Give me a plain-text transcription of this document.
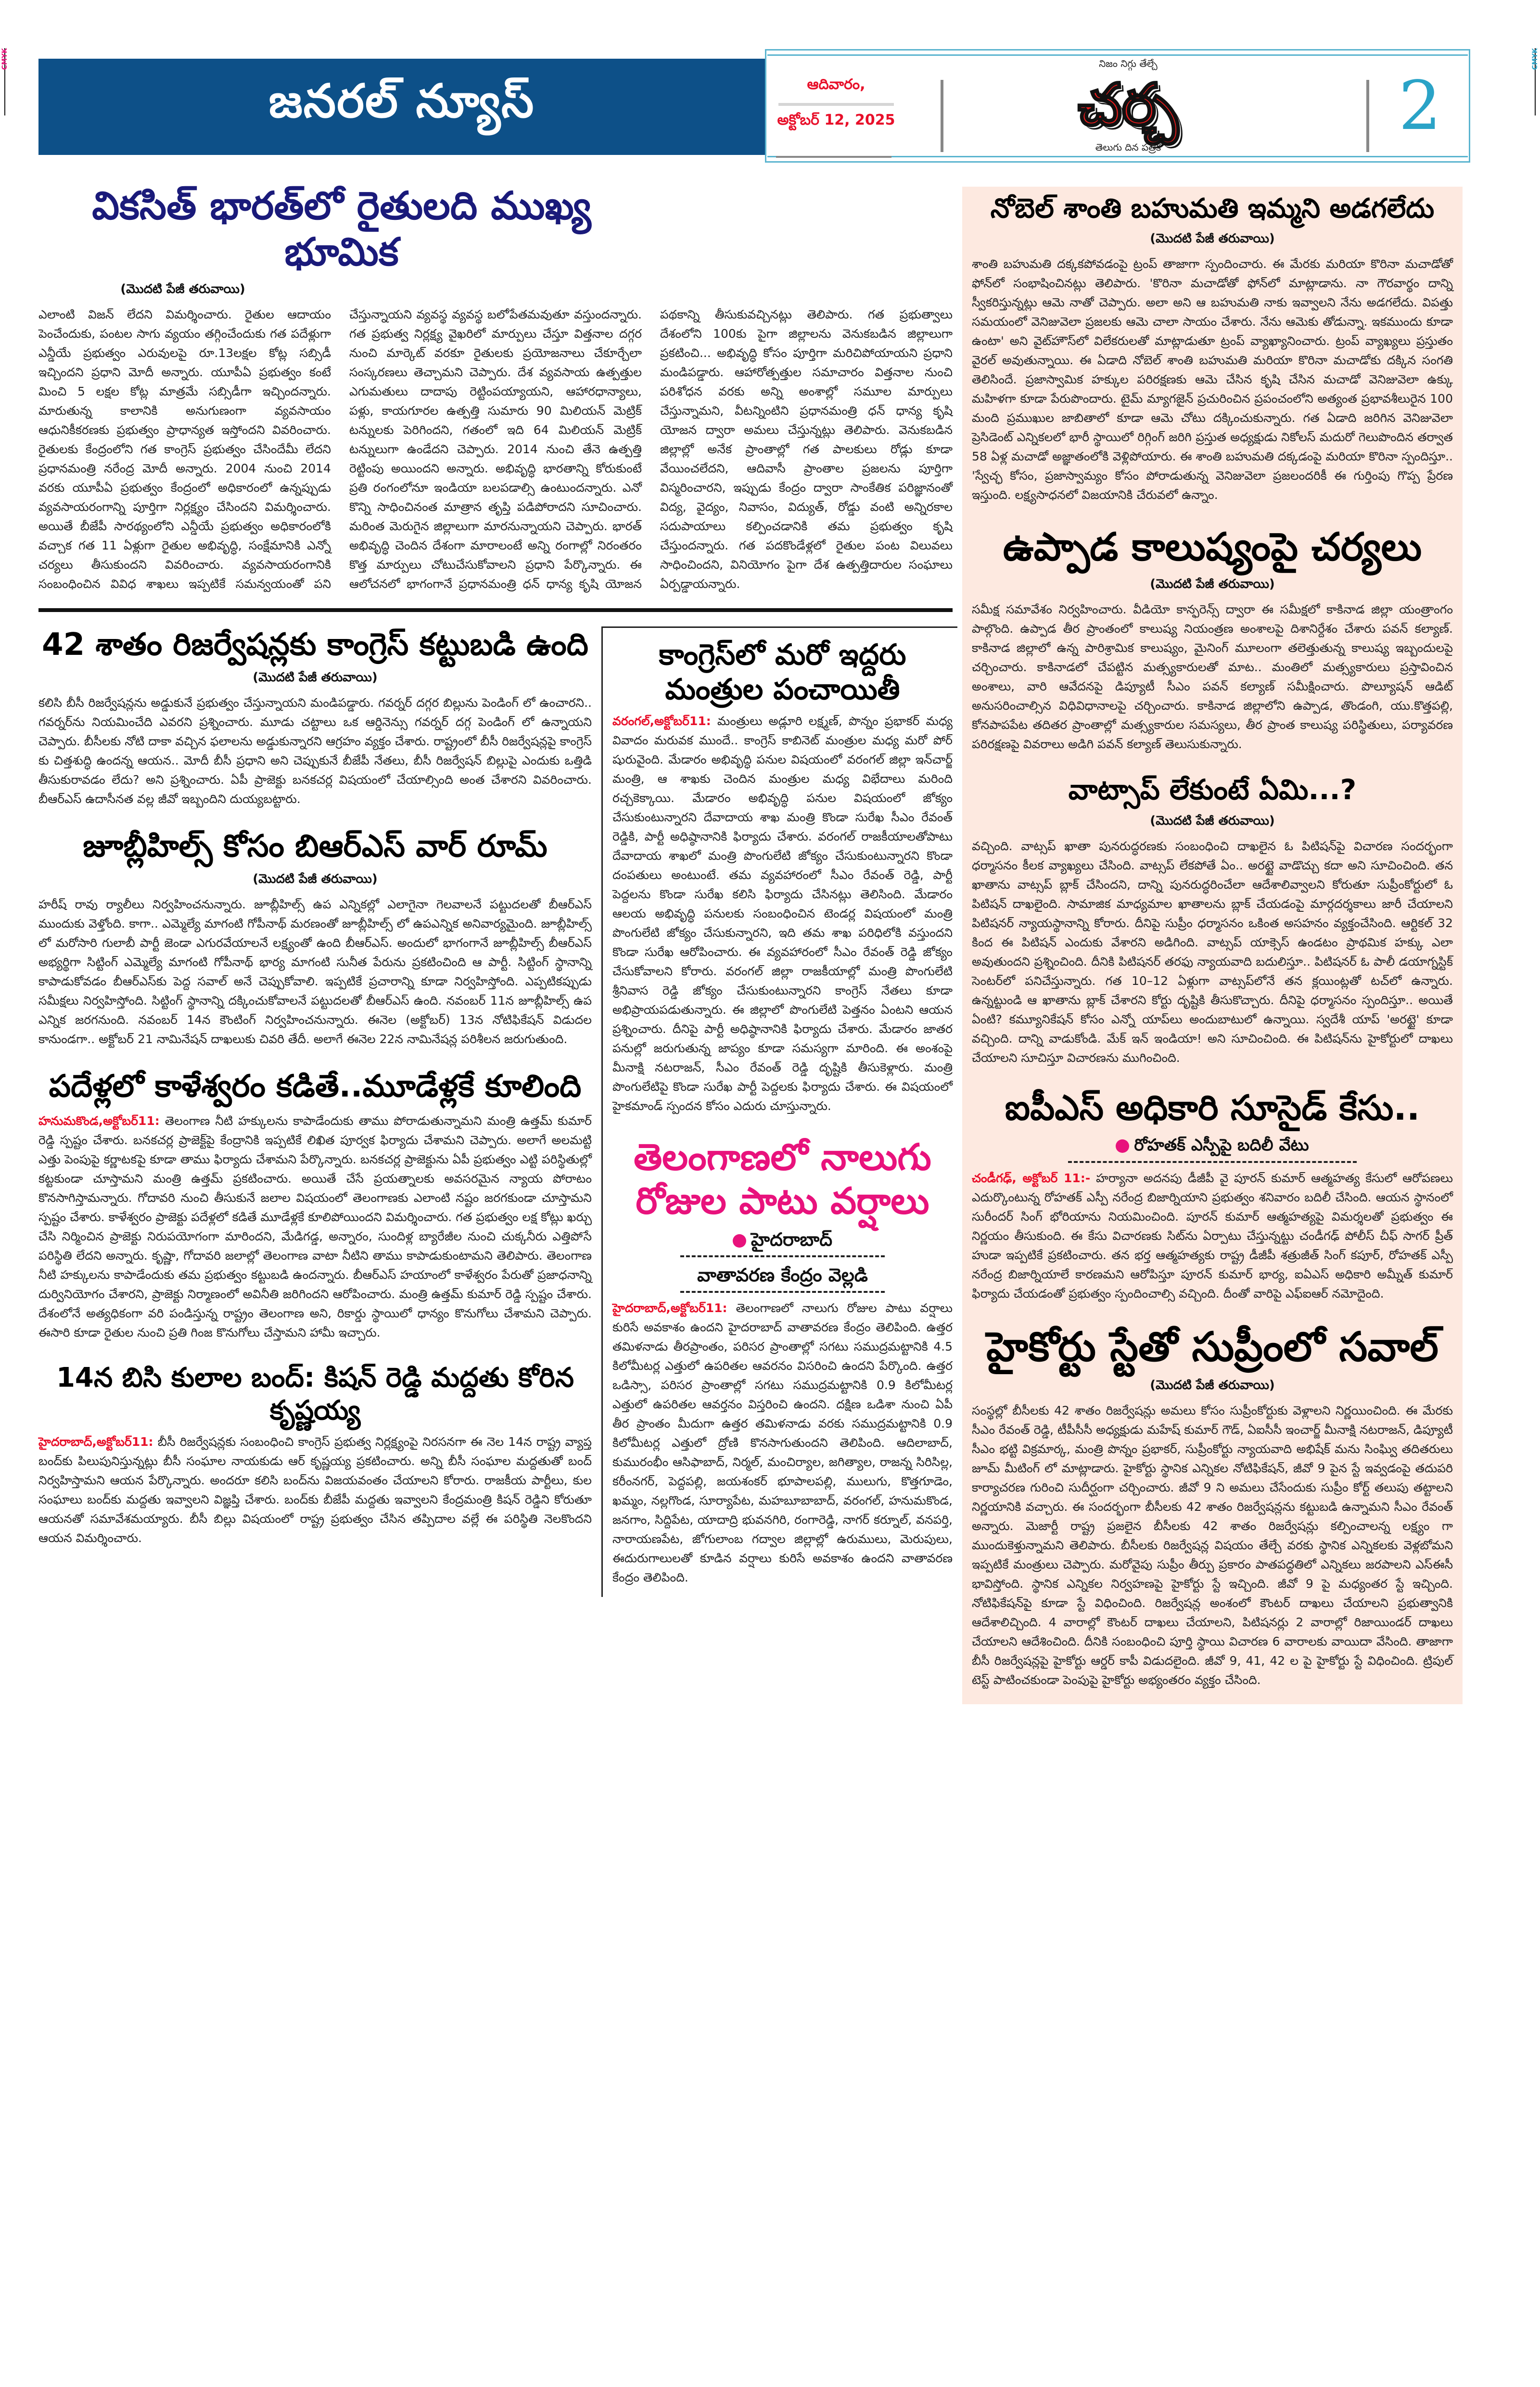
CMYK	CMYK
జనరల్ న్యూస్	ఆదివారం,
అక్టోబర్ 12, 2025
నిజం నిగ్గు తేల్చే
చర్చ
తెలుగు దిన పత్రిక
2
వికసిత్ భారత్‌లో రైతులది ముఖ్య భూమిక
(మొదటి పేజీ తరువాయి)
ఎలాంటి విజన్ లేదని విమర్శించారు. రైతుల ఆదాయం పెంచేందుకు, పంటల సాగు వ్యయం తగ్గించేందుకు గత పదేళ్లుగా ఎన్డీయే ప్రభుత్వం ఎరువులపై రూ.13లక్షల కోట్ల సబ్సిడీ ఇచ్చిందని ప్రధాని మోదీ అన్నారు. యూపీఏ ప్రభుత్వం కంటే మించి 5 లక్షల కోట్ల మాత్రమే సబ్సిడీగా ఇచ్చిందన్నారు. మారుతున్న కాలానికి అనుగుణంగా వ్యవసాయం ఆధునికీకరణకు ప్రభుత్వం ప్రాధాన్యత ఇస్తోందని వివరించారు. రైతులకు కేంద్రంలోని గత కాంగ్రెస్ ప్రభుత్వం చేసిందేమీ లేదని ప్రధానమంత్రి నరేంద్ర మోదీ అన్నారు. 2004 నుంచి 2014 వరకు యూపీఏ ప్రభుత్వం కేంద్రంలో అధికారంలో ఉన్నప్పుడు వ్యవసాయరంగాన్ని పూర్తిగా నిర్లక్ష్యం చేసిందని విమర్శించారు. అయితే బీజేపీ సారథ్యంలోని ఎన్డీయే ప్రభుత్వం అధికారంలోకి వచ్చాక గత 11 ఏళ్లుగా రైతుల అభివృద్ధి, సంక్షేమానికి ఎన్నో చర్యలు తీసుకుందని వివరించారు. వ్యవసాయరంగానికి సంబంధించిన వివిధ శాఖలు ఇప్పటికే సమన్వయంతో పని చేస్తున్నాయని వ్యవస్థ వ్యవస్థ బలోపేతమవుతూ వస్తుందన్నారు. గత ప్రభుత్వ నిర్లక్ష్య వైఖరిలో మార్పులు చేస్తూ విత్తనాల దగ్గర నుంచి మార్కెట్ వరకూ రైతులకు ప్రయోజనాలు చేకూర్చేలా సంస్కరణలు తెచ్చామని చెప్పారు. దేశ వ్యవసాయ ఉత్పత్తుల ఎగుమతులు దాదాపు రెట్టింపయ్యాయని, ఆహారధాన్యాలు, పళ్లు, కాయగూరల ఉత్పత్తి సుమారు 90 మిలియన్ మెట్రిక్ టన్నులకు పెరిగిందని, గతంలో ఇది 64 మిలియన్ మెట్రిక్ టన్నులుగా ఉండేదని చెప్పారు. 2014 నుంచి తేనె ఉత్పత్తి రెట్టింపు అయిందని అన్నారు. అభివృద్ధి భారతాన్ని కోరుకుంటే ప్రతి రంగంలోనూ ఇండియా బలపడాల్సి ఉంటుందన్నారు. ఎనో కొన్ని సాధించినంత మాత్రాన తృప్తి పడిపోరాదని సూచించారు. మరింత మెరుగైన జిల్లాలుగా మారనున్నాయని చెప్పారు. భారత్ అభివృద్ధి చెందిన దేశంగా మారాలంటే అన్ని రంగాల్లో నిరంతరం కొత్త మార్పులు చోటుచేసుకోవాలని ప్రధాని పేర్కొన్నారు. ఈ ఆలోచనలో భాగంగానే ప్రధానమంత్రి ధన్ ధాన్య కృషి యోజన పథకాన్ని తీసుకువచ్చినట్లు తెలిపారు. గత ప్రభుత్వాలు దేశంలోని 100కు పైగా జిల్లాలను వెనుకబడిన జిల్లాలుగా ప్రకటించి... అభివృద్ధి కోసం పూర్తిగా మరిచిపోయాయని ప్రధాని మండిపడ్డారు. ఆహారోత్పత్తుల సమాచారం విత్తనాల నుంచి పరిశోధన వరకు అన్ని అంశాల్లో సమూల మార్పులు చేస్తున్నామని, వీటన్నింటిని ప్రధానమంత్రి ధన్ ధాన్య కృషి యోజన ద్వారా అమలు చేస్తున్నట్లు తెలిపారు. వెనుకబడిన జిల్లాల్లో అనేక ప్రాంతాల్లో గత పాలకులు రోడ్లు కూడా వేయించలేదని, ఆదివాసీ ప్రాంతాల ప్రజలను పూర్తిగా విస్మరించారని, ఇప్పుడు కేంద్రం ద్వారా సాంకేతిక పరిజ్ఞానంతో విద్య, వైద్యం, నివాసం, విద్యుత్, రోడ్డు వంటి అన్నిరకాల సదుపాయాలు కల్పించడానికి తమ ప్రభుత్వం కృషి చేస్తుందన్నారు. గత పదకొండేళ్లలో రైతుల పంట విలువలు సాధించిందని, వినియోగం పైగా దేశ ఉత్పత్తిదారుల సంఘాలు ఏర్పడ్డాయన్నారు.
42 శాతం రిజర్వేషన్లకు కాంగ్రెస్ కట్టుబడి ఉంది
(మొదటి పేజీ తరువాయి)
కలిసి బీసీ రిజర్వేషన్లను అడ్డుకునే ప్రభుత్వం చేస్తున్నాయని మండిపడ్డారు. గవర్నర్ దగ్గర బిల్లును పెండింగ్ లో ఉంచారని.. గవర్నర్‌ను నియమించేది ఎవరని ప్రశ్నించారు. మూడు చట్టాలు ఒక ఆర్డినెన్సు గవర్నర్ దగ్గ పెండింగ్ లో ఉన్నాయని చెప్పారు. బీసీలకు నోటి దాకా వచ్చిన ఫలాలను అడ్డుకున్నారని ఆగ్రహం వ్యక్తం చేశారు. రాష్ట్రంలో బీసీ రిజర్వేషన్లపై కాంగ్రెస్ కు చిత్తశుద్ధి ఉందన్న ఆయన.. మోదీ బీసీ ప్రధాని అని చెప్పుకునే బీజేపీ నేతలు, బీసీ రిజర్వేషన్ బిల్లుపై ఎందుకు ఒత్తిడి తీసుకురావడం లేదు? అని ప్రశ్నించారు. ఏపీ ప్రాజెక్టు బనకచర్ల విషయంలో చేయాల్సింది అంత చేశారని వివరించారు. బీఆర్ఎస్ ఉదాసీనత వల్ల జీవో ఇబ్బందిని దుయ్యబట్టారు.
జూబ్లీహిల్స్ కోసం బిఆర్ఎస్ వార్ రూమ్
(మొదటి పేజీ తరువాయి)
హరీష్ రావు ర్యాలీలు నిర్వహించనున్నారు. జూబ్లీహిల్స్ ఉప ఎన్నికల్లో ఎలాగైనా గెలవాలనే పట్టుదలతో బీఆర్ఎస్ ముందుకు వెళ్తోంది. కాగా.. ఎమ్మెల్యే మాగంటి గోపీనాథ్ మరణంతో జూబ్లీహిల్స్ లో ఉపఎన్నిక అనివార్యమైంది. జూబ్లీహిల్స్ లో మరోసారి గులాబీ పార్టీ జెండా ఎగురవేయాలనే లక్ష్యంతో ఉంది బీఆర్ఎస్. అందులో భాగంగానే జూబ్లీహిల్స్ బీఆర్ఎస్ అభ్యర్థిగా సిట్టింగ్ ఎమ్మెల్యే మాగంటి గోపీనాథ్ భార్య మాగంటి సునీత పేరును ప్రకటించింది ఆ పార్టీ. సిట్టింగ్ స్థానాన్ని కాపాడుకోవడం బీఆర్ఎస్‌కు పెద్ద సవాల్ అనే చెప్పుకోవాలి. ఇప్పటికే ప్రచారాన్ని కూడా నిర్వహిస్తోంది. ఎప్పటికప్పుడు సమీక్షలు నిర్వహిస్తోంది. సిట్టింగ్ స్థానాన్ని దక్కించుకోవాలనే పట్టుదలతో బీఆర్ఎస్ ఉంది. నవంబర్ 11న జూబ్లీహిల్స్ ఉప ఎన్నిక జరగనుంది. నవంబర్ 14న కౌంటింగ్ నిర్వహించనున్నారు. ఈనెల (అక్టోబర్) 13న నోటిఫికేషన్ విడుదల కానుండగా.. అక్టోబర్ 21 నామినేషన్ దాఖలుకు చివరి తేదీ. అలాగే ఈనెల 22న నామినేషన్ల పరిశీలన జరుగుతుంది.
పదేళ్లలో కాళేశ్వరం కడితే..మూడేళ్లకే కూలింది
హనుమకొండ,అక్టోబర్11: తెలంగాణ నీటి హక్కులను కాపాడేందుకు తాము పోరాడుతున్నామని మంత్రి ఉత్తమ్ కుమార్ రెడ్డి స్పష్టం చేశారు. బనకచర్ల ప్రాజెక్ట్‌పై కేంద్రానికి ఇప్పటికే లిఖిత పూర్వక ఫిర్యాదు చేశామని చెప్పారు. అలాగే అలమట్టి ఎత్తు పెంపుపై కర్ణాటకపై కూడా తాము ఫిర్యాదు చేశామని పేర్కొన్నారు. బనకచర్ల ప్రాజెక్టును ఏపీ ప్రభుత్వం ఎట్టి పరిస్థితుల్లో కట్టకుండా చూస్తామని మంత్రి ఉత్తమ్ ప్రకటించారు. అయితే చేసే ప్రయత్నాలకు అవసరమైన న్యాయ పోరాటం కొనసాగిస్తామన్నారు. గోదావరి నుంచి తీసుకునే జలాల విషయంలో తెలంగాణకు ఎలాంటి నష్టం జరగకుండా చూస్తామని స్పష్టం చేశారు. కాళేశ్వరం ప్రాజెక్టు పదేళ్లలో కడితే మూడేళ్లకే కూలిపోయిందని విమర్శించారు. గత ప్రభుత్వం లక్ష కోట్లు ఖర్చు చేసి నిర్మించిన ప్రాజెక్టు నిరుపయోగంగా మారిందని, మేడిగడ్డ, అన్నారం, సుందిళ్ల బ్యారేజీల నుంచి చుక్కనీరు ఎత్తిపోసే పరిస్థితి లేదని అన్నారు. కృష్ణా, గోదావరి జలాల్లో తెలంగాణ వాటా నీటిని తాము కాపాడుకుంటామని తెలిపారు. తెలంగాణ నీటి హక్కులను కాపాడేందుకు తమ ప్రభుత్వం కట్టుబడి ఉందన్నారు. బీఆర్ఎస్ హయాంలో కాళేశ్వరం పేరుతో ప్రజాధనాన్ని దుర్వినియోగం చేశారని, ప్రాజెక్టు నిర్మాణంలో అవినీతి జరిగిందని ఆరోపించారు. మంత్రి ఉత్తమ్ కుమార్ రెడ్డి స్పష్టం చేశారు. దేశంలోనే అత్యధికంగా వరి పండిస్తున్న రాష్ట్రం తెలంగాణ అని, రికార్డు స్థాయిలో ధాన్యం కొనుగోలు చేశామని చెప్పారు. ఈసారి కూడా రైతుల నుంచి ప్రతి గింజ కొనుగోలు చేస్తామని హామీ ఇచ్చారు.
14న బిసి కులాల బంద్: కిషన్ రెడ్డి మద్దతు కోరిన కృష్ణయ్య
హైదరాబాద్,అక్టోబర్11: బీసీ రిజర్వేషన్లకు సంబంధించి కాంగ్రెస్ ప్రభుత్వ నిర్లక్ష్యంపై నిరసనగా ఈ నెల 14న రాష్ట్ర వ్యాప్త బంద్‌కు పిలుపునిస్తున్నట్లు బీసీ సంఘాల నాయకుడు ఆర్ కృష్ణయ్య ప్రకటించారు. అన్ని బీసీ సంఘాల మద్దతుతో బంద్ నిర్వహిస్తామని ఆయన పేర్కొన్నారు. అందరూ కలిసి బంద్‌ను విజయవంతం చేయాలని కోరారు. రాజకీయ పార్టీలు, కుల సంఘాలు బంద్‌కు మద్దతు ఇవ్వాలని విజ్ఞప్తి చేశారు. బంద్‌కు బీజేపీ మద్దతు ఇవ్వాలని కేంద్రమంత్రి కిషన్ రెడ్డిని కోరుతూ ఆయనతో సమావేశమయ్యారు. బీసీ బిల్లు విషయంలో రాష్ట్ర ప్రభుత్వం చేసిన తప్పిదాల వల్లే ఈ పరిస్థితి నెలకొందని ఆయన విమర్శించారు.
కాంగ్రెస్‌లో మరో ఇద్దరు మంత్రుల పంచాయితీ
వరంగల్,అక్టోబర్11: మంత్రులు అడ్లూరి లక్ష్మణ్, పొన్నం ప్రభాకర్ మధ్య వివాదం మరువక ముందే.. కాంగ్రెస్ కాబినెట్ మంత్రుల మధ్య మరో పోర్ షురువైంది. మేడారం అభివృద్ధి పనుల విషయంలో వరంగల్ జిల్లా ఇన్‌చార్జ్ మంత్రి, ఆ శాఖకు చెందిన మంత్రుల మధ్య విభేదాలు మరింది రచ్చకెక్కాయి. మేడారం అభివృద్ధి పనుల విషయంలో జోక్యం చేసుకుంటున్నారని దేవాదాయ శాఖ మంత్రి కొండా సురేఖ సీఎం రేవంత్ రెడ్డికి, పార్టీ అధిష్ఠానానికి ఫిర్యాదు చేశారు. వరంగల్ రాజకీయాలతోపాటు దేవాదాయ శాఖలో మంత్రి పొంగులేటి జోక్యం చేసుకుంటున్నారని కొండా దంపతులు అంటుంటే. తమ వ్యవహారంలో సీఎం రేవంత్ రెడ్డి, పార్టీ పెద్దలను కొండా సురేఖ కలిసి ఫిర్యాదు చేసినట్లు తెలిసింది. మేడారం ఆలయ అభివృద్ధి పనులకు సంబంధించిన టెండర్ల విషయంలో మంత్రి పొంగులేటి జోక్యం చేసుకున్నారని, ఇది తమ శాఖ పరిధిలోకి వస్తుందని కొండా సురేఖ ఆరోపించారు. ఈ వ్యవహారంలో సీఎం రేవంత్ రెడ్డి జోక్యం చేసుకోవాలని కోరారు. వరంగల్ జిల్లా రాజకీయాల్లో మంత్రి పొంగులేటి శ్రీనివాస రెడ్డి జోక్యం చేసుకుంటున్నారని కాంగ్రెస్ నేతలు కూడా అభిప్రాయపడుతున్నారు. ఈ జిల్లాలో పొంగులేటి పెత్తనం ఏంటని ఆయన ప్రశ్నించారు. దీనిపై పార్టీ అధిష్ఠానానికి ఫిర్యాదు చేశారు. మేడారం జాతర పనుల్లో జరుగుతున్న జాప్యం కూడా సమస్యగా మారింది. ఈ అంశంపై మీనాక్షి నటరాజన్, సీఎం రేవంత్ రెడ్డి దృష్టికి తీసుకెళ్లారు. మంత్రి పొంగులేటిపై కొండా సురేఖ పార్టీ పెద్దలకు ఫిర్యాదు చేశారు. ఈ విషయంలో హైకమాండ్ స్పందన కోసం ఎదురు చూస్తున్నారు.
తెలంగాణలో నాలుగు
రోజుల పాటు వర్షాలు
హైదరాబాద్
వాతావరణ కేంద్రం వెల్లడి
హైదరాబాద్,అక్టోబర్11: తెలంగాణలో నాలుగు రోజుల పాటు వర్షాలు కురిసే అవకాశం ఉందని హైదరాబాద్ వాతావరణ కేంద్రం తెలిపింది. ఉత్తర తమిళనాడు తీరప్రాంతం, పరిసర ప్రాంతాల్లో సగటు సముద్రమట్టానికి 4.5 కిలోమీటర్ల ఎత్తులో ఉపరితల ఆవరనం విసరించి ఉందని పేర్కొంది. ఉత్తర ఒడిస్సా, పరిసర ప్రాంతాల్లో సగటు సముద్రమట్టానికి 0.9 కిలోమీటర్ల ఎత్తులో ఉపరితల ఆవర్తనం విస్తరించి ఉందని. దక్షిణ ఒడిశా నుంచి ఏపీ తీర ప్రాంతం మీదుగా ఉత్తర తమిళనాడు వరకు సముద్రమట్టానికి 0.9 కిలోమీటర్ల ఎత్తులో ద్రోణి కొనసాగుతుందని తెలిపింది. ఆదిలాబాద్, కుమురంభీం ఆసిఫాబాద్, నిర్మల్, మంచిర్యాల, జగిత్యాల, రాజన్న సిరిసిల్ల, కరీంనగర్, పెద్దపల్లి, జయశంకర్ భూపాలపల్లి, ములుగు, కొత్తగూడెం, ఖమ్మం, నల్లగొండ, సూర్యాపేట, మహబూబాబాద్, వరంగల్, హనుమకొండ, జనగాం, సిద్దిపేట, యాదాద్రి భువనగిరి, రంగారెడ్డి, నాగర్ కర్నూల్, వనపర్తి, నారాయణపేట, జోగులాంబ గద్వాల జిల్లాల్లో ఉరుములు, మెరుపులు, ఈదురుగాలులతో కూడిన వర్షాలు కురిసే అవకాశం ఉందని వాతావరణ కేంద్రం తెలిపింది.
నోబెల్ శాంతి బహుమతి ఇమ్మని అడగలేదు
(మొదటి పేజీ తరువాయి)
శాంతి బహుమతి దక్కకపోవడంపై ట్రంప్ తాజాగా స్పందించారు. ఈ మేరకు మరియా కొరినా మచాడోతో ఫోన్‌లో సంభాషించినట్లు తెలిపారు. 'కొరినా మచాడోతో ఫోన్‌లో మాట్లాడాను. నా గౌరవార్థం దాన్ని స్వీకరిస్తున్నట్లు ఆమె నాతో చెప్పారు. అలా అని ఆ బహుమతి నాకు ఇవ్వాలని నేను అడగలేదు. విపత్తు సమయంలో వెనిజువెలా ప్రజలకు ఆమె చాలా సాయం చేశారు. నేను ఆమెకు తోడున్నా. ఇకముందు కూడా ఉంటా' అని వైట్‌హౌస్‌లో విలేకరులతో మాట్లాడుతూ ట్రంప్ వ్యాఖ్యానించారు. ట్రంప్ వ్యాఖ్యలు ప్రస్తుతం వైరల్ అవుతున్నాయి. ఈ ఏడాది నోబెల్ శాంతి బహుమతి మరియా కొరినా మచాడోకు దక్కిన సంగతి తెలిసిందే. ప్రజాస్వామిక హక్కుల పరిరక్షణకు ఆమె చేసిన కృషి చేసిన మచాడో వెనిజువెలా ఉక్కు మహిళగా కూడా పేరుపొందారు. టైమ్ మ్యాగజైన్ ప్రచురించిన ప్రపంచంలోని అత్యంత ప్రభావశీలురైన 100 మంది ప్రముఖుల జాబితాలో కూడా ఆమె చోటు దక్కించుకున్నారు. గత ఏడాది జరిగిన వెనిజువెలా ప్రెసిడెంట్ ఎన్నికలలో భారీ స్థాయిలో రిగ్గింగ్ జరిగి ప్రస్తుత అధ్యక్షుడు నికోలస్ మదురో గెలుపొందిన తర్వాత 58 ఏళ్ల మచాడో అజ్ఞాతంలోకి వెళ్లిపోయారు. ఈ శాంతి బహుమతి దక్కడంపై మరియా కొరినా స్పందిస్తూ.. 'స్వేచ్ఛ కోసం, ప్రజాస్వామ్యం కోసం పోరాడుతున్న వెనిజువెలా ప్రజలందరికీ ఈ గుర్తింపు గొప్ప ప్రేరణ ఇస్తుంది. లక్ష్యసాధనలో విజయానికి చేరువలో ఉన్నాం.
ఉప్పాడ కాలుష్యంపై చర్యలు
(మొదటి పేజీ తరువాయి)
సమీక్ష సమావేశం నిర్వహించారు. వీడియో కాన్ఫరెన్స్ ద్వారా ఈ సమీక్షలో కాకినాడ జిల్లా యంత్రాంగం పాల్గొంది. ఉప్పాడ తీర ప్రాంతంలో కాలుష్య నియంత్రణ అంశాలపై దిశానిర్దేశం చేశారు పవన్ కల్యాణ్. కాకినాడ జిల్లాలో ఉన్న పారిశ్రామిక కాలుష్యం, మైనింగ్ మూలంగా తలెత్తుతున్న కాలుష్య ఇబ్బందులపై చర్చించారు. కాకినాడలో చేపట్టిన మత్స్యకారులతో మాట.. మంతిలో మత్స్యకారులు ప్రస్తావించిన అంశాలు, వారి ఆవేదనపై డిప్యూటీ సీఎం పవన్ కల్యాణ్ సమీక్షించారు. పొల్యూషన్ ఆడిట్ అనుసరించాల్సిన విధివిధానాలపై చర్చించారు. కాకినాడ జిల్లాలోని ఉప్పాడ, తొండంగి, యు.కొత్తపల్లి, కోనపాపపేట తదితర ప్రాంతాల్లో మత్స్యకారుల సమస్యలు, తీర ప్రాంత కాలుష్య పరిస్థితులు, పర్యావరణ పరిరక్షణపై వివరాలు అడిగి పవన్ కల్యాణ్ తెలుసుకున్నారు.
వాట్సాప్ లేకుంటే ఏమి...?
(మొదటి పేజీ తరువాయి)
వచ్చింది. వాట్సప్ ఖాతా పునరుద్ధరణకు సంబంధించి దాఖలైన ఓ పిటిషన్‌పై విచారణ సందర్భంగా ధర్మాసనం కీలక వ్యాఖ్యలు చేసింది. వాట్సప్ లేకపోతే ఏం.. అరట్టై వాడొచ్చు కదా అని సూచించింది. తన ఖాతాను వాట్సప్ బ్లాక్ చేసిందని, దాన్ని పునరుద్ధరించేలా ఆదేశాలివ్వాలని కోరుతూ సుప్రీంకోర్టులో ఓ పిటిషన్ దాఖలైంది. సామాజిక మాధ్యమాల ఖాతాలను బ్లాక్ చేయడంపై మార్గదర్శకాలు జారీ చేయాలని పిటిషనర్ న్యాయస్థానాన్ని కోరారు. దీనిపై సుప్రీం ధర్మాసనం ఒకింత అసహనం వ్యక్తంచేసింది. ఆర్టికల్ 32 కింద ఈ పిటిషన్ ఎందుకు వేశారని అడిగింది. వాట్సప్ యాక్సెస్ ఉండటం ప్రాథమిక హక్కు ఎలా అవుతుందని ప్రశ్నించింది. దీనికి పిటిషనర్ తరఫు న్యాయవాది బదులిస్తూ.. పిటిషనర్ ఓ పాలీ డయాగ్నస్టిక్ సెంటర్‌లో పనిచేస్తున్నారు. గత 10–12 ఏళ్లుగా వాట్సప్‌లోనే తన క్లయింట్లతో టచ్‌లో ఉన్నారు. ఉన్నట్టుండి ఆ ఖాతాను బ్లాక్ చేశారని కోర్టు దృష్టికి తీసుకొచ్చారు. దీనిపై ధర్మాసనం స్పందిస్తూ.. అయితే ఏంటి? కమ్యూనికేషన్ కోసం ఎన్నో యాప్‌లు అందుబాటులో ఉన్నాయి. స్వదేశీ యాప్ 'అరట్టై' కూడా వచ్చింది. దాన్ని వాడుకోండి. మేక్ ఇన్ ఇండియా! అని సూచించింది. ఈ పిటిషన్‌ను హైకోర్టులో దాఖలు చేయాలని సూచిస్తూ విచారణను ముగించింది.
ఐపీఎస్ అధికారి సూసైడ్ కేసు..
రోహతక్ ఎస్పీపై బదిలీ వేటు
చండీగఢ్, అక్టోబర్ 11:- హర్యానా అదనపు డీజీపీ వై పూరన్ కుమార్ ఆత్మహత్య కేసులో ఆరోపణలు ఎదుర్కొంటున్న రోహతక్ ఎస్పీ నరేంద్ర బిజార్నియాని ప్రభుత్వం శనివారం బదిలీ చేసింది. ఆయన స్థానంలో సురీందర్ సింగ్ భోరియాను నియమించింది. పూరన్ కుమార్ ఆత్మహత్యపై విమర్శలతో ప్రభుత్వం ఈ నిర్ణయం తీసుకుంది. ఈ కేసు విచారణకు సిట్‌ను ఏర్పాటు చేస్తున్నట్టు చండీగఢ్ పోలీస్ చీఫ్ సాగర్ ప్రీత్ హుడా ఇప్పటికే ప్రకటించారు. తన భర్త ఆత్మహత్యకు రాష్ట్ర డీజీపీ శత్రుజీత్ సింగ్ కపూర్, రోహతక్ ఎస్పీ నరేంద్ర బిజార్నియాలే కారణమని ఆరోపిస్తూ పూరన్ కుమార్ భార్య, ఐఏఎస్ అధికారి అమ్నీత్ కుమార్ ఫిర్యాదు చేయడంతో ప్రభుత్వం స్పందించాల్సి వచ్చింది. దీంతో వారిపై ఎఫ్ఐఆర్ నమోదైంది.
హైకోర్టు స్టేతో సుప్రీంలో సవాల్
(మొదటి పేజీ తరువాయి)
సంస్థల్లో బీసీలకు 42 శాతం రిజర్వేషన్లు అమలు కోసం సుప్రీంకోర్టుకు వెళ్లాలని నిర్ణయించింది. ఈ మేరకు సీఎం రేవంత్ రెడ్డి, టీపీసీసీ అధ్యక్షుడు మహేష్ కుమార్ గౌడ్, ఏఐసీసీ ఇంచార్జ్ మీనాక్షి నటరాజన్, డిప్యూటీ సీఎం భట్టి విక్రమార్క, మంత్రి పొన్నం ప్రభాకర్, సుప్రీంకోర్టు న్యాయవాది అభిషేక్ మను సింఘ్వి తదితరులు జూమ్ మీటింగ్ లో మాట్లాడారు. హైకోర్టు స్థానిక ఎన్నికల నోటిఫికేషన్, జీవో 9 పైన స్టే ఇవ్వడంపై తదుపరి కార్యాచరణ గురించి సుదీర్ఘంగా చర్చించారు. జీవో 9 ని అమలు చేసేందుకు సుప్రీం కోర్ట్ తలుపు తట్టాలని నిర్ణయానికి వచ్చారు. ఈ సందర్భంగా బీసీలకు 42 శాతం రిజర్వేషన్లను కట్టుబడి ఉన్నామని సీఎం రేవంత్ అన్నారు. మెజార్టీ రాష్ట్ర ప్రజలైన బీసీలకు 42 శాతం రిజర్వేషన్లు కల్పించాలన్న లక్ష్యం గా ముందుకెళ్తున్నామని తెలిపారు. బీసీలకు రిజర్వేషన్ల విషయం తేల్చే వరకు స్థానిక ఎన్నికలకు వెళ్లబోమని ఇప్పటికే మంత్రులు చెప్పారు. మరోవైపు సుప్రీం తీర్పు ప్రకారం పాతపద్ధతిలో ఎన్నికలు జరపాలని ఎస్ఈసీ భావిస్తోంది. స్థానిక ఎన్నికల నిర్వహణపై హైకోర్టు స్టే ఇచ్చింది. జీవో 9 పై మధ్యంతర స్టే ఇచ్చింది. నోటిఫికేషన్‌పై కూడా స్టే విధించింది. రిజర్వేషన్ల అంశంలో కౌంటర్ దాఖలు చేయాలని ప్రభుత్వానికి ఆదేశాలిచ్చింది. 4 వారాల్లో కౌంటర్ దాఖలు చేయాలని, పిటిషనర్లు 2 వారాల్లో రిజాయిండర్ దాఖలు చేయాలని ఆదేశించింది. దీనికి సంబంధించి పూర్తి స్థాయి విచారణ 6 వారాలకు వాయిదా వేసింది. తాజాగా బీసీ రిజర్వేషన్లపై హైకోర్టు ఆర్డర్ కాపీ విడుదలైంది. జీవో 9, 41, 42 ల పై హైకోర్టు స్టే విధించింది. ట్రిపుల్ టెస్ట్ పాటించకుండా పెంపుపై హైకోర్టు అభ్యంతరం వ్యక్తం చేసింది.
